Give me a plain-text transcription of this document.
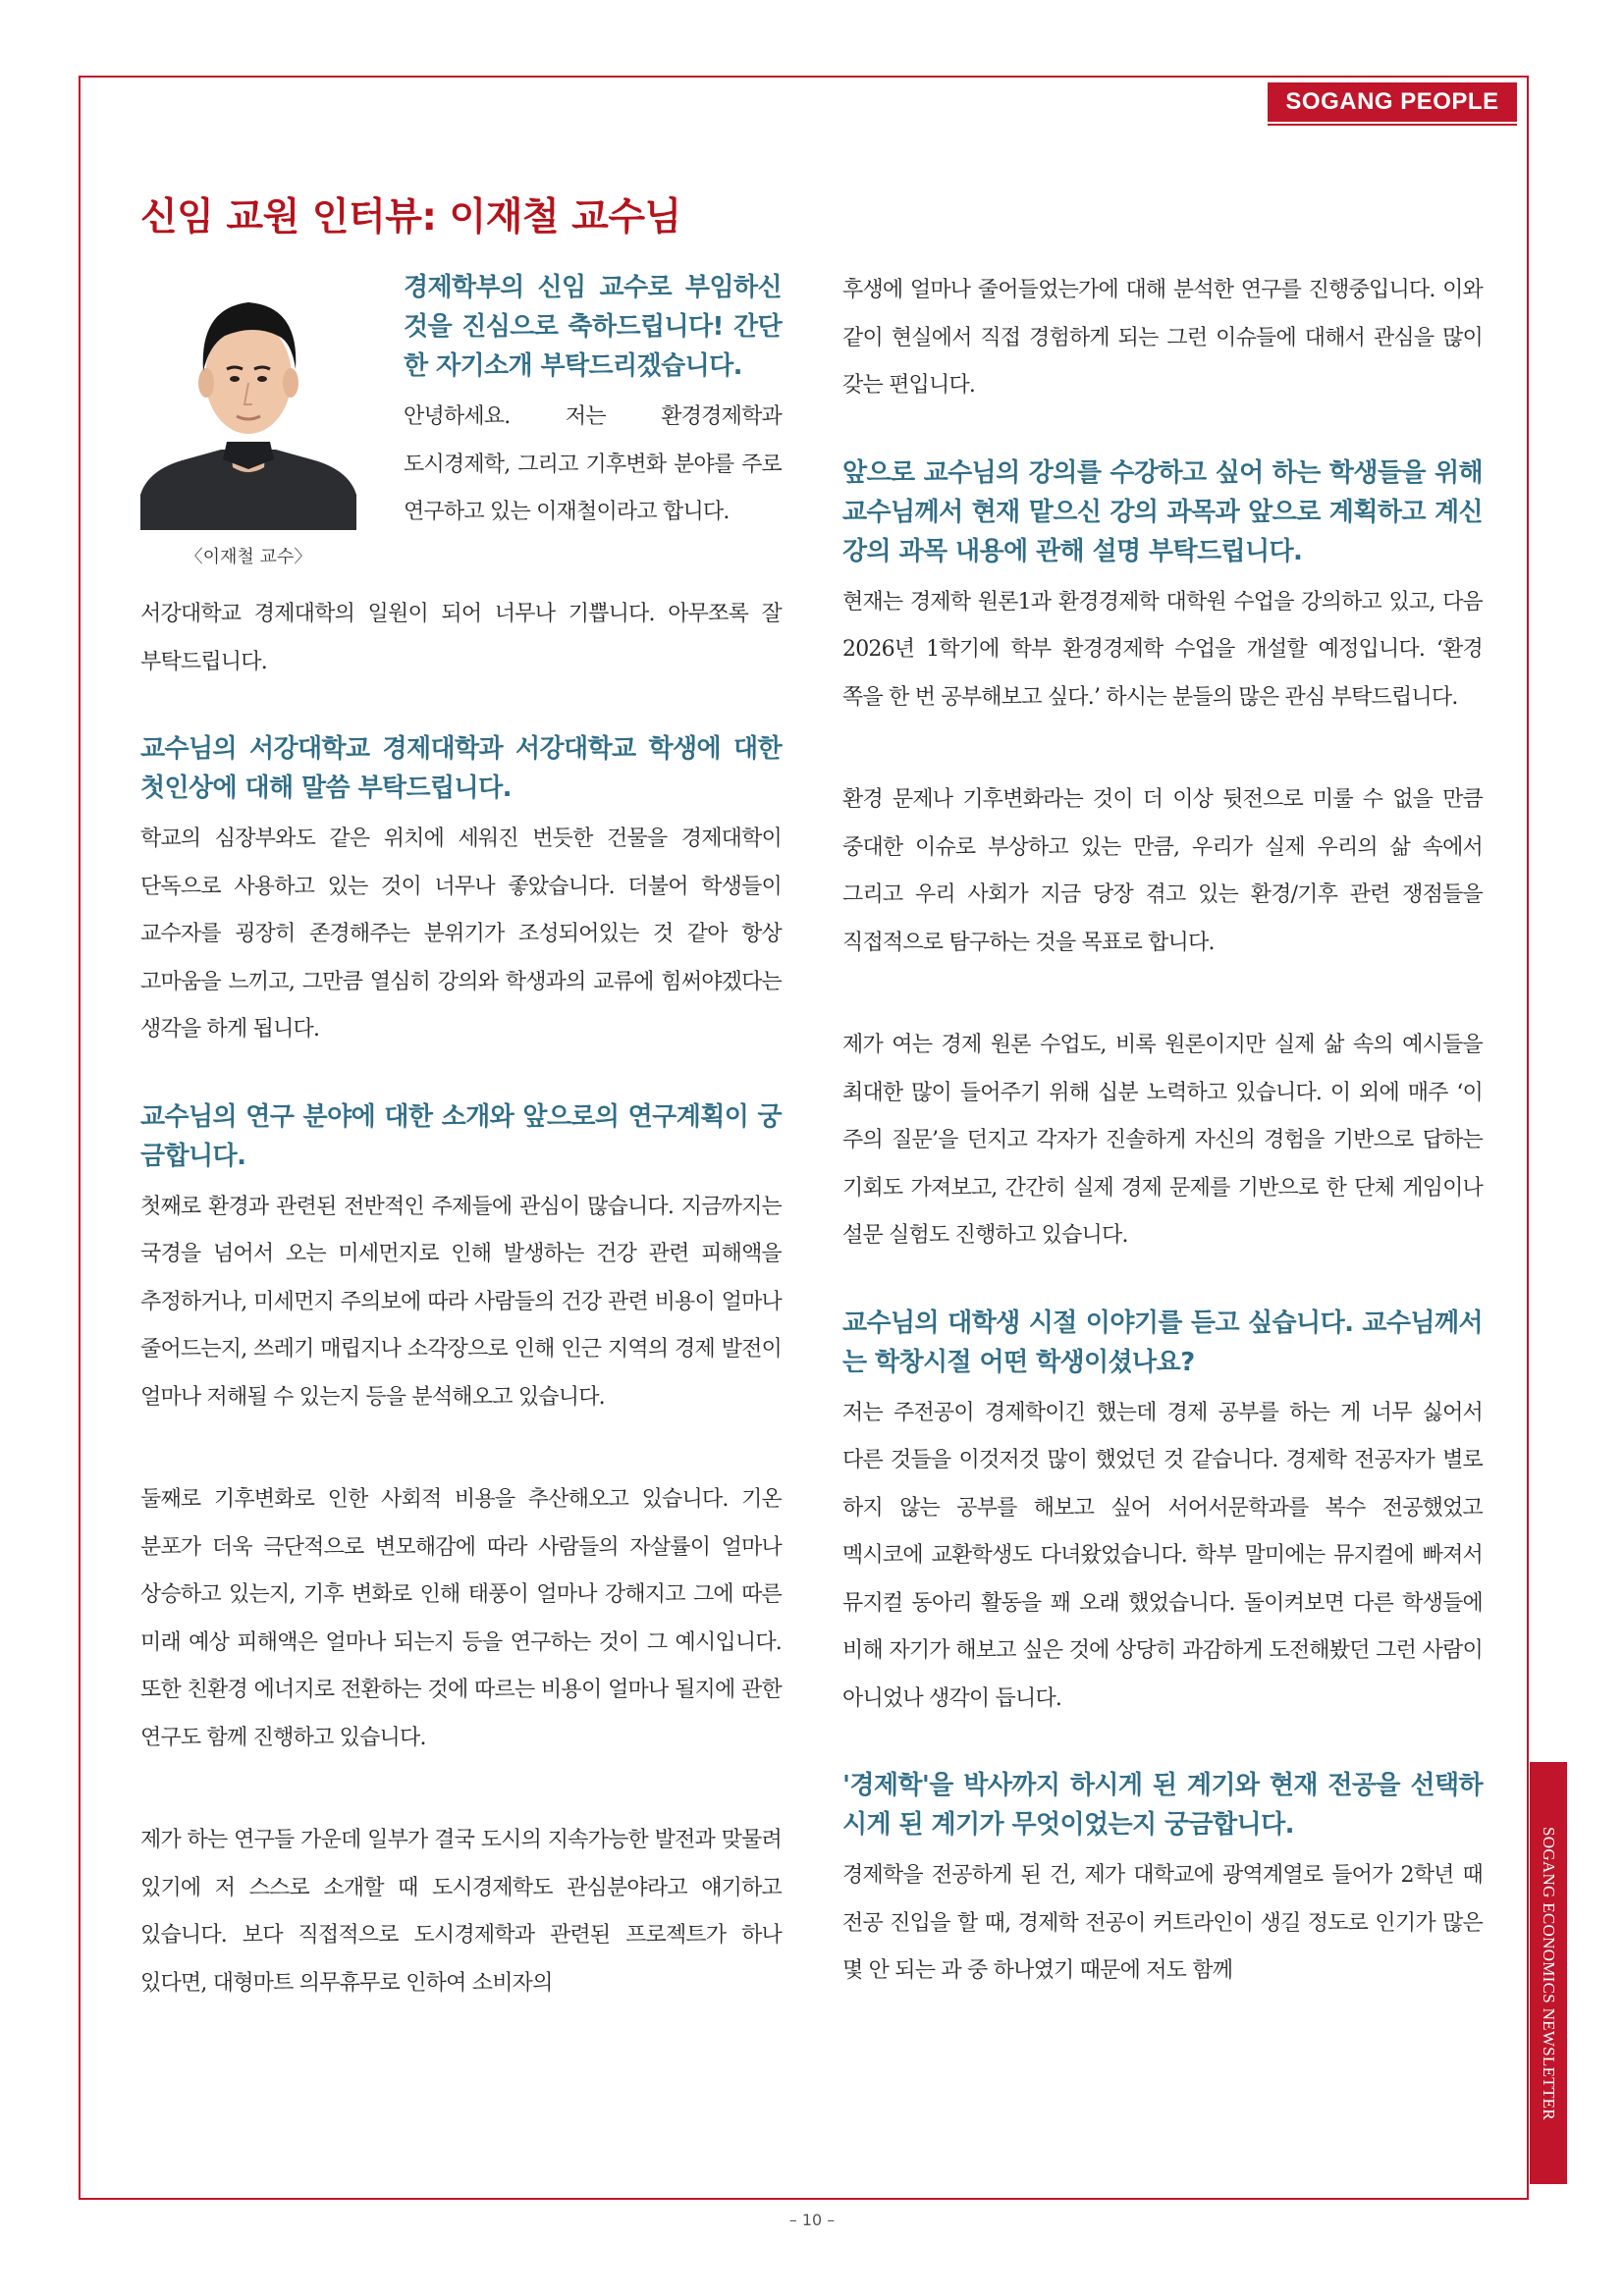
SOGANG PEOPLE
신임 교원 인터뷰: 이재철 교수님
〈이재철 교수〉

경제학부의 신임 교수로 부임하신 것을 진심으로 축하드립니다! 간단한 자기소개 부탁드리겠습니다.

안녕하세요. 저는 환경경제학과 도시경제학, 그리고 기후변화 분야를 주로 연구하고 있는 이재철이라고 합니다.

서강대학교 경제대학의 일원이 되어 너무나 기쁩니다. 아무쪼록 잘 부탁드립니다.

교수님의 서강대학교 경제대학과 서강대학교 학생에 대한 첫인상에 대해 말씀 부탁드립니다.

학교의 심장부와도 같은 위치에 세워진 번듯한 건물을 경제대학이 단독으로 사용하고 있는 것이 너무나 좋았습니다. 더불어 학생들이 교수자를 굉장히 존경해주는 분위기가 조성되어있는 것 같아 항상 고마움을 느끼고, 그만큼 열심히 강의와 학생과의 교류에 힘써야겠다는 생각을 하게 됩니다.

교수님의 연구 분야에 대한 소개와 앞으로의 연구계획이 궁금합니다.

첫째로 환경과 관련된 전반적인 주제들에 관심이 많습니다. 지금까지는 국경을 넘어서 오는 미세먼지로 인해 발생하는 건강 관련 피해액을 추정하거나, 미세먼지 주의보에 따라 사람들의 건강 관련 비용이 얼마나 줄어드는지, 쓰레기 매립지나 소각장으로 인해 인근 지역의 경제 발전이 얼마나 저해될 수 있는지 등을 분석해오고 있습니다.

둘째로 기후변화로 인한 사회적 비용을 추산해오고 있습니다. 기온 분포가 더욱 극단적으로 변모해감에 따라 사람들의 자살률이 얼마나 상승하고 있는지, 기후 변화로 인해 태풍이 얼마나 강해지고 그에 따른 미래 예상 피해액은 얼마나 되는지 등을 연구하는 것이 그 예시입니다. 또한 친환경 에너지로 전환하는 것에 따르는 비용이 얼마나 될지에 관한 연구도 함께 진행하고 있습니다.

제가 하는 연구들 가운데 일부가 결국 도시의 지속가능한 발전과 맞물려 있기에 저 스스로 소개할 때 도시경제학도 관심분야라고 얘기하고 있습니다. 보다 직접적으로 도시경제학과 관련된 프로젝트가 하나 있다면, 대형마트 의무휴무로 인하여 소비자의

후생에 얼마나 줄어들었는가에 대해 분석한 연구를 진행중입니다. 이와 같이 현실에서 직접 경험하게 되는 그런 이슈들에 대해서 관심을 많이 갖는 편입니다.

앞으로 교수님의 강의를 수강하고 싶어 하는 학생들을 위해 교수님께서 현재 맡으신 강의 과목과 앞으로 계획하고 계신 강의 과목 내용에 관해 설명 부탁드립니다.

현재는 경제학 원론1과 환경경제학 대학원 수업을 강의하고 있고, 다음 2026년 1학기에 학부 환경경제학 수업을 개설할 예정입니다. ‘환경 쪽을 한 번 공부해보고 싶다.’ 하시는 분들의 많은 관심 부탁드립니다.

환경 문제나 기후변화라는 것이 더 이상 뒷전으로 미룰 수 없을 만큼 중대한 이슈로 부상하고 있는 만큼, 우리가 실제 우리의 삶 속에서 그리고 우리 사회가 지금 당장 겪고 있는 환경/기후 관련 쟁점들을 직접적으로 탐구하는 것을 목표로 합니다.

제가 여는 경제 원론 수업도, 비록 원론이지만 실제 삶 속의 예시들을 최대한 많이 들어주기 위해 십분 노력하고 있습니다. 이 외에 매주 ‘이 주의 질문’을 던지고 각자가 진솔하게 자신의 경험을 기반으로 답하는 기회도 가져보고, 간간히 실제 경제 문제를 기반으로 한 단체 게임이나 설문 실험도 진행하고 있습니다.

교수님의 대학생 시절 이야기를 듣고 싶습니다. 교수님께서는 학창시절 어떤 학생이셨나요?

저는 주전공이 경제학이긴 했는데 경제 공부를 하는 게 너무 싫어서 다른 것들을 이것저것 많이 했었던 것 같습니다. 경제학 전공자가 별로 하지 않는 공부를 해보고 싶어 서어서문학과를 복수 전공했었고 멕시코에 교환학생도 다녀왔었습니다. 학부 말미에는 뮤지컬에 빠져서 뮤지컬 동아리 활동을 꽤 오래 했었습니다. 돌이켜보면 다른 학생들에 비해 자기가 해보고 싶은 것에 상당히 과감하게 도전해봤던 그런 사람이 아니었나 생각이 듭니다.

'경제학'을 박사까지 하시게 된 계기와 현재 전공을 선택하시게 된 계기가 무엇이었는지 궁금합니다.

경제학을 전공하게 된 건, 제가 대학교에 광역계열로 들어가 2학년 때 전공 진입을 할 때, 경제학 전공이 커트라인이 생길 정도로 인기가 많은 몇 안 되는 과 중 하나였기 때문에 저도 함께	SOGANG ECONOMICS NEWSLETTER
– 10 –
